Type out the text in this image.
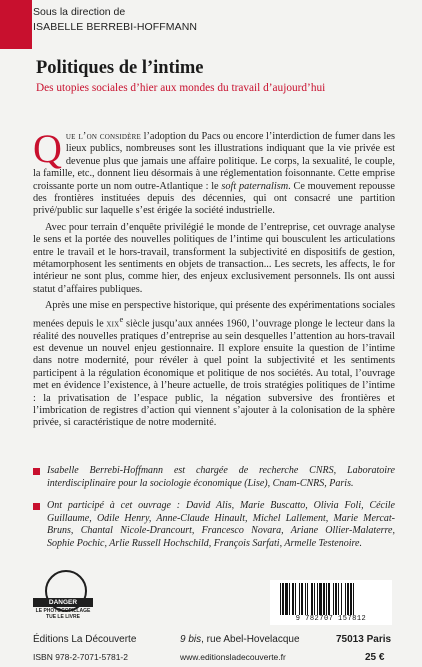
Sous la direction de
ISABELLE BERREBI-HOFFMANN
Politiques de l’intime
Des utopies sociales d’hier aux mondes du travail d’aujourd’hui

Que l’on considère l’adoption du Pacs ou encore l’interdiction de fumer dans les lieux publics, nombreuses sont les illustrations indiquant que la vie privée est devenue plus que jamais une affaire politique. Le corps, la sexualité, le couple, la famille, etc., donnent lieu désormais à une réglementation foisonnante. Cette emprise croissante porte un nom outre-Atlantique : le soft paternalism. Ce mouvement repousse des frontières instituées depuis des décennies, qui ont consacré une partition privé/public sur laquelle s’est érigée la société industrielle.

Avec pour terrain d’enquête privilégié le monde de l’entreprise, cet ouvrage analyse le sens et la portée des nouvelles politiques de l’intime qui bousculent les articulations entre le travail et le hors-travail, transforment la subjectivité en dispositifs de gestion, métamorphosent les sentiments en objets de transaction... Les secrets, les affects, le for intérieur ne sont plus, comme hier, des enjeux exclusivement personnels. Ils ont aussi statut d’affaires publiques.

Après une mise en perspective historique, qui présente des expérimentations sociales menées depuis le xix$^e$ siècle jusqu’aux années 1960, l’ouvrage plonge le lecteur dans la réalité des nouvelles pratiques d’entreprise au sein desquelles l’attention au hors-travail est devenue un nouvel enjeu gestionnaire. Il explore ensuite la question de l’intime dans notre modernité, pour révéler à quel point la subjectivité et les sentiments participent à la régulation économique et politique de nos sociétés. Au total, l’ouvrage met en évidence l’existence, à l’heure actuelle, de trois stratégies politiques de l’intime : la privatisation de l’espace public, la négation subversive des frontières et l’imbrication de registres d’action qui viennent s’ajouter à la colonisation de la sphère privée, si caractéristique de notre modernité.

Isabelle Berrebi-Hoffmann est chargée de recherche CNRS, Laboratoire interdisciplinaire pour la sociologie économique (Lise), Cnam-CNRS, Paris.
Ont participé à cet ouvrage : David Alis, Marie Buscatto, Olivia Foli, Cécile Guillaume, Odile Henry, Anne-Claude Hinault, Michel Lallement, Marie Mercat-Bruns, Chantal Nicole-Drancourt, Francesco Novara, Ariane Ollier-Malaterre, Sophie Pochic, Arlie Russell Hochschild, François Sarfati, Armelle Testenoire.
DANGER
LE PHOTOCOPILLAGE TUE LE LIVRE	9 782707 157812
Éditions La Découverte	9 bis, rue Abel-Hovelacque	75013 Paris
ISBN 978-2-7071-5781-2	www.editionsladecouverte.fr	25 €
